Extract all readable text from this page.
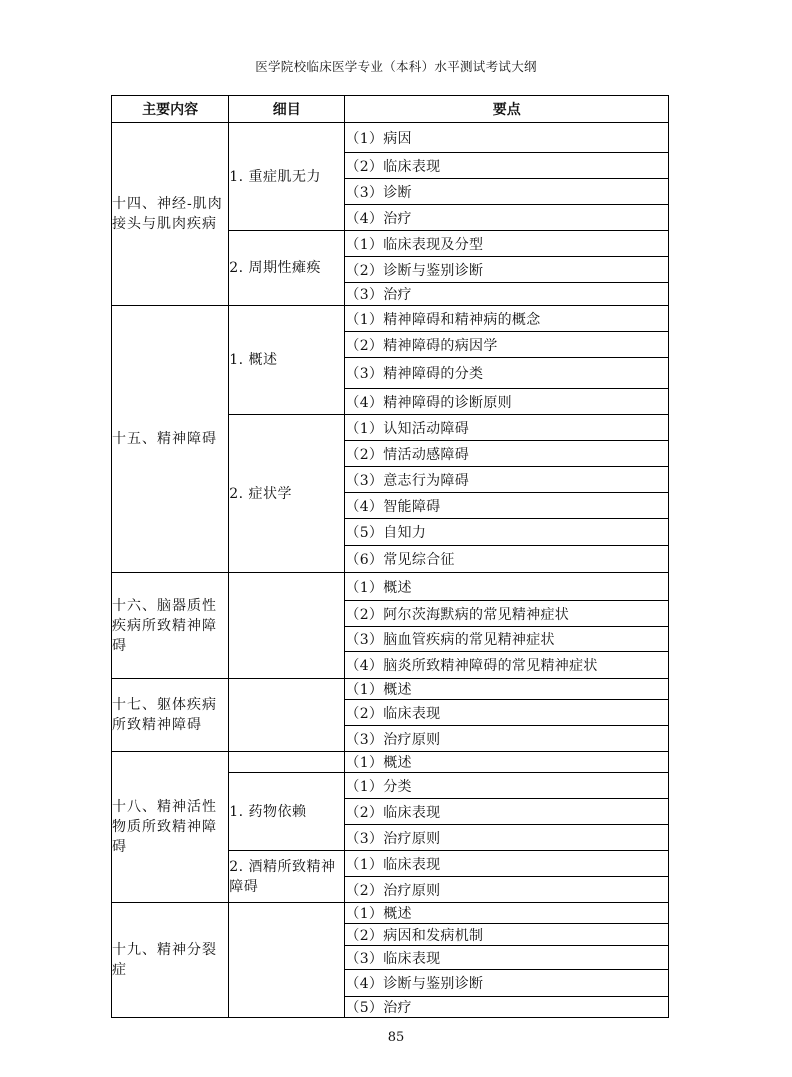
医学院校临床医学专业（本科）水平测试考试大纲
主要内容	细目	要点
十四、神经-肌肉接头与肌肉疾病	1. 重症肌无力	（1）病因
		（2）临床表现
		（3）诊断
		（4）治疗
	2. 周期性瘫痪	（1）临床表现及分型
		（2）诊断与鉴别诊断
		（3）治疗
十五、精神障碍	1. 概述	（1）精神障碍和精神病的概念
		（2）精神障碍的病因学
		（3）精神障碍的分类
		（4）精神障碍的诊断原则
	2. 症状学	（1）认知活动障碍
		（2）情活动感障碍
		（3）意志行为障碍
		（4）智能障碍
		（5）自知力
		（6）常见综合征
十六、脑器质性疾病所致精神障碍		（1）概述
		（2）阿尔茨海默病的常见精神症状
		（3）脑血管疾病的常见精神症状
		（4）脑炎所致精神障碍的常见精神症状
十七、躯体疾病所致精神障碍		（1）概述
		（2）临床表现
		（3）治疗原则
十八、精神活性物质所致精神障碍		（1）概述
	1. 药物依赖	（1）分类
		（2）临床表现
		（3）治疗原则
	2. 酒精所致精神障碍	（1）临床表现
		（2）治疗原则
十九、精神分裂症		（1）概述
		（2）病因和发病机制
		（3）临床表现
		（4）诊断与鉴别诊断
		（5）治疗
85
